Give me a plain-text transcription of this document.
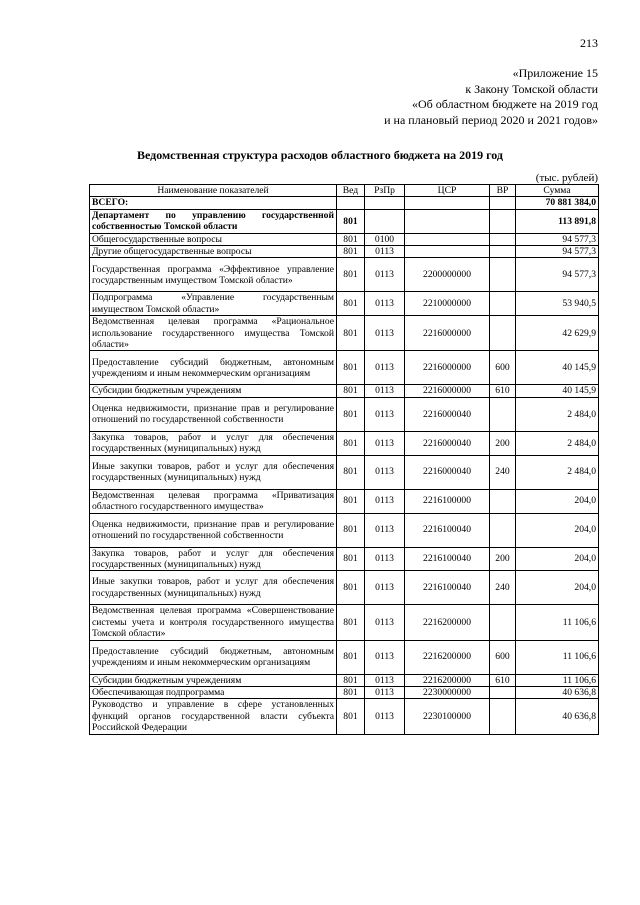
213
«Приложение 15
к Закону Томской области
«Об областном бюджете на 2019 год
и на плановый период 2020 и 2021 годов»
Ведомственная структура расходов областного бюджета на 2019 год
(тыс. рублей)
Наименование показателей	Вед	РзПр	ЦСР	ВР	Сумма
ВСЕГО:					70 881 384,0
Департамент по управлению государственной собственностью Томской области	801				113 891,8
Общегосударственные вопросы	801	0100			94 577,3
Другие общегосударственные вопросы	801	0113			94 577,3
Государственная программа «Эффективное управление государственным имуществом Томской области»	801	0113	2200000000		94 577,3
Подпрограмма «Управление государственным имуществом Томской области»	801	0113	2210000000		53 940,5
Ведомственная целевая программа «Рациональное использование государственного имущества Томской области»	801	0113	2216000000		42 629,9
Предоставление субсидий бюджетным, автономным учреждениям и иным некоммерческим организациям	801	0113	2216000000	600	40 145,9
Субсидии бюджетным учреждениям	801	0113	2216000000	610	40 145,9
Оценка недвижимости, признание прав и регулирование отношений по государственной собственности	801	0113	2216000040		2 484,0
Закупка товаров, работ и услуг для обеспечения государственных (муниципальных) нужд	801	0113	2216000040	200	2 484,0
Иные закупки товаров, работ и услуг для обеспечения государственных (муниципальных) нужд	801	0113	2216000040	240	2 484,0
Ведомственная целевая программа «Приватизация областного государственного имущества»	801	0113	2216100000		204,0
Оценка недвижимости, признание прав и регулирование отношений по государственной собственности	801	0113	2216100040		204,0
Закупка товаров, работ и услуг для обеспечения государственных (муниципальных) нужд	801	0113	2216100040	200	204,0
Иные закупки товаров, работ и услуг для обеспечения государственных (муниципальных) нужд	801	0113	2216100040	240	204,0
Ведомственная целевая программа «Совершенствование системы учета и контроля государственного имущества Томской области»	801	0113	2216200000		11 106,6
Предоставление субсидий бюджетным, автономным учреждениям и иным некоммерческим организациям	801	0113	2216200000	600	11 106,6
Субсидии бюджетным учреждениям	801	0113	2216200000	610	11 106,6
Обеспечивающая подпрограмма	801	0113	2230000000		40 636,8
Руководство и управление в сфере установленных функций органов государственной власти субъекта Российской Федерации	801	0113	2230100000		40 636,8
